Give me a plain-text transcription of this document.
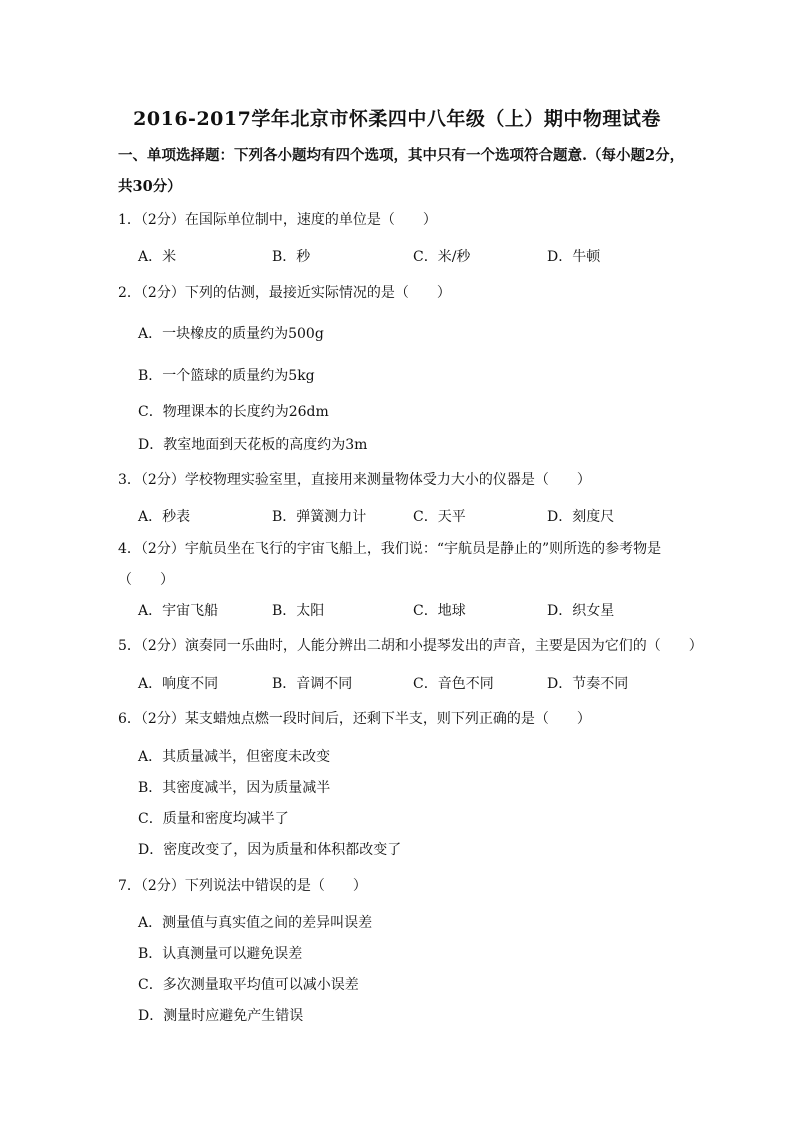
2016-2017学年北京市怀柔四中八年级（上）期中物理试卷
一、单项选择题：下列各小题均有四个选项，其中只有一个选项符合题意.（每小题2分，共30分）
1．（2分）在国际单位制中，速度的单位是（　　）
A．米	B．秒	C．米/秒	D．牛顿
2．（2分）下列的估测，最接近实际情况的是（　　）
A．一块橡皮的质量约为500g
B．一个篮球的质量约为5kg
C．物理课本的长度约为26dm
D．教室地面到天花板的高度约为3m
3．（2分）学校物理实验室里，直接用来测量物体受力大小的仪器是（　　）
A．秒表	B．弹簧测力计	C．天平	D．刻度尺
4．（2分）宇航员坐在飞行的宇宙飞船上，我们说：“宇航员是静止的”则所选的参考物是（　　）
A．宇宙飞船	B．太阳	C．地球	D．织女星
5．（2分）演奏同一乐曲时，人能分辨出二胡和小提琴发出的声音，主要是因为它们的（　　）
A．响度不同	B．音调不同	C．音色不同	D．节奏不同
6．（2分）某支蜡烛点燃一段时间后，还剩下半支，则下列正确的是（　　）
A．其质量减半，但密度未改变
B．其密度减半，因为质量减半
C．质量和密度均减半了
D．密度改变了，因为质量和体积都改变了
7．（2分）下列说法中错误的是（　　）
A．测量值与真实值之间的差异叫误差
B．认真测量可以避免误差
C．多次测量取平均值可以减小误差
D．测量时应避免产生错误
